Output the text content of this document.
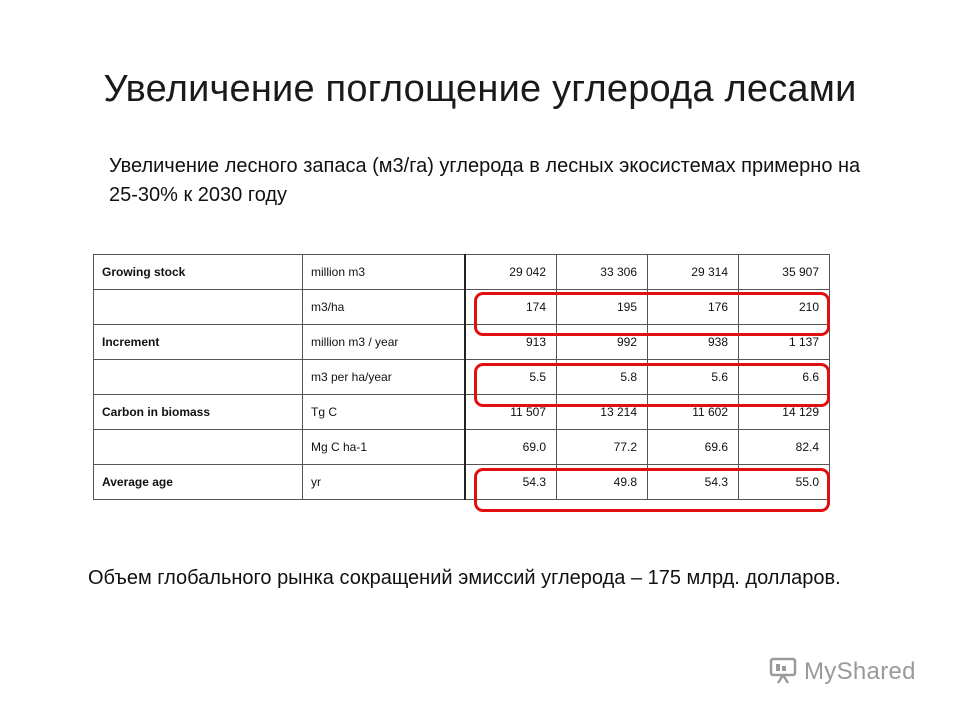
Увеличение поглощение углерода лесами
Увеличение лесного запаса (м3/га) углерода в лесных экосистемах примерно на 25-30% к 2030 году
Growing stock	million m3	29 042	33 306	29 314	35 907
	m3/ha	174	195	176	210
Increment	million m3 / year	913	992	938	1 137
	m3 per ha/year	5.5	5.8	5.6	6.6
Carbon in biomass	Tg C	11 507	13 214	11 602	14 129
	Mg C ha-1	69.0	77.2	69.6	82.4
Average age	yr	54.3	49.8	54.3	55.0
Объем глобального рынка сокращений эмиссий углерода – 175 млрд. долларов.
MyShared
